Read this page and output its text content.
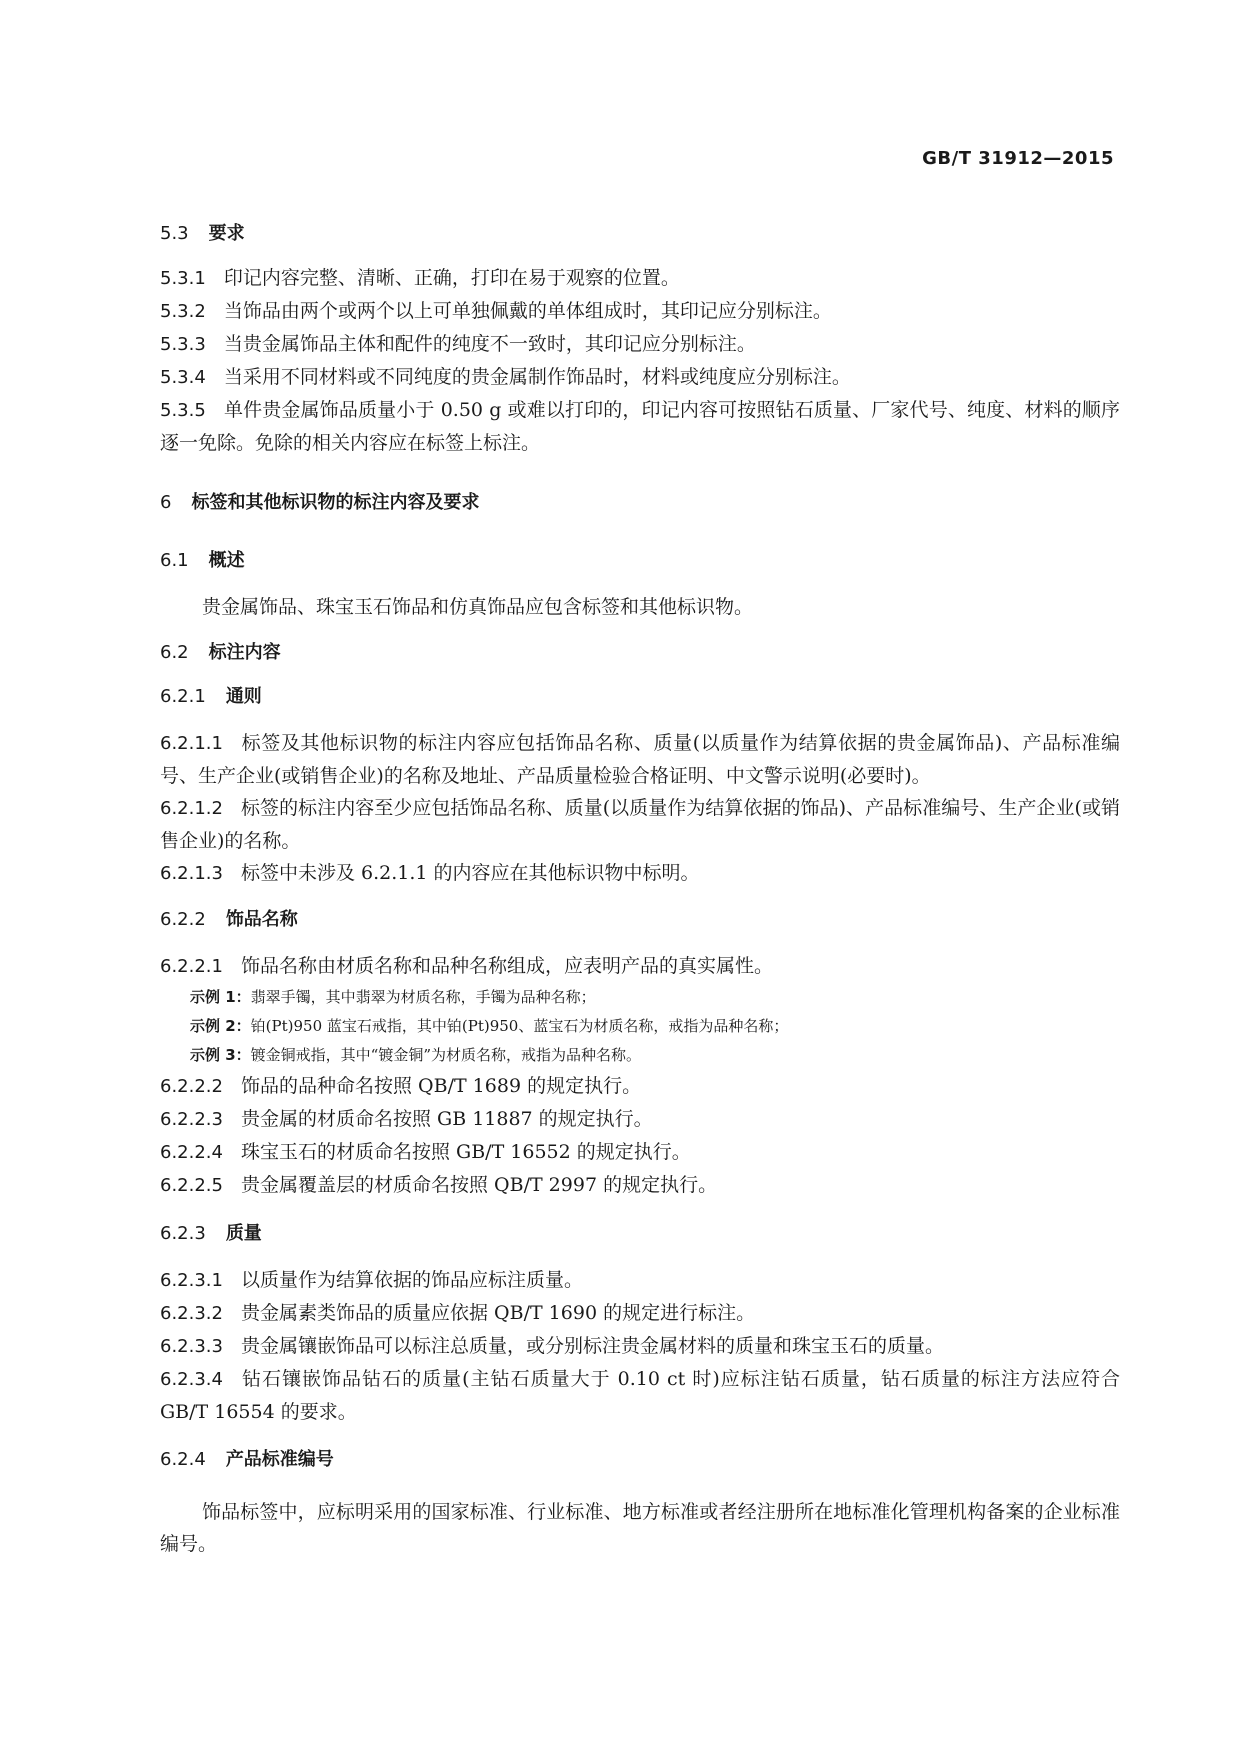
GB/T 31912—2015
5.3 要求
5.3.1 印记内容完整、清晰、正确，打印在易于观察的位置。
5.3.2 当饰品由两个或两个以上可单独佩戴的单体组成时，其印记应分别标注。
5.3.3 当贵金属饰品主体和配件的纯度不一致时，其印记应分别标注。
5.3.4 当采用不同材料或不同纯度的贵金属制作饰品时，材料或纯度应分别标注。
5.3.5 单件贵金属饰品质量小于 0.50 g 或难以打印的，印记内容可按照钻石质量、厂家代号、纯度、材料的顺序逐一免除。免除的相关内容应在标签上标注。
6 标签和其他标识物的标注内容及要求
6.1 概述
贵金属饰品、珠宝玉石饰品和仿真饰品应包含标签和其他标识物。
6.2 标注内容
6.2.1 通则
6.2.1.1 标签及其他标识物的标注内容应包括饰品名称、质量(以质量作为结算依据的贵金属饰品)、产品标准编号、生产企业(或销售企业)的名称及地址、产品质量检验合格证明、中文警示说明(必要时)。
6.2.1.2 标签的标注内容至少应包括饰品名称、质量(以质量作为结算依据的饰品)、产品标准编号、生产企业(或销售企业)的名称。
6.2.1.3 标签中未涉及 6.2.1.1 的内容应在其他标识物中标明。
6.2.2 饰品名称
6.2.2.1 饰品名称由材质名称和品种名称组成，应表明产品的真实属性。
示例 1：翡翠手镯，其中翡翠为材质名称，手镯为品种名称；
示例 2：铂(Pt)950 蓝宝石戒指，其中铂(Pt)950、蓝宝石为材质名称，戒指为品种名称；
示例 3：镀金铜戒指，其中“镀金铜”为材质名称，戒指为品种名称。
6.2.2.2 饰品的品种命名按照 QB/T 1689 的规定执行。
6.2.2.3 贵金属的材质命名按照 GB 11887 的规定执行。
6.2.2.4 珠宝玉石的材质命名按照 GB/T 16552 的规定执行。
6.2.2.5 贵金属覆盖层的材质命名按照 QB/T 2997 的规定执行。
6.2.3 质量
6.2.3.1 以质量作为结算依据的饰品应标注质量。
6.2.3.2 贵金属素类饰品的质量应依据 QB/T 1690 的规定进行标注。
6.2.3.3 贵金属镶嵌饰品可以标注总质量，或分别标注贵金属材料的质量和珠宝玉石的质量。
6.2.3.4 钻石镶嵌饰品钻石的质量(主钻石质量大于 0.10 ct 时)应标注钻石质量，钻石质量的标注方法应符合 GB/T 16554 的要求。
6.2.4 产品标准编号
饰品标签中，应标明采用的国家标准、行业标准、地方标准或者经注册所在地标准化管理机构备案的企业标准编号。
